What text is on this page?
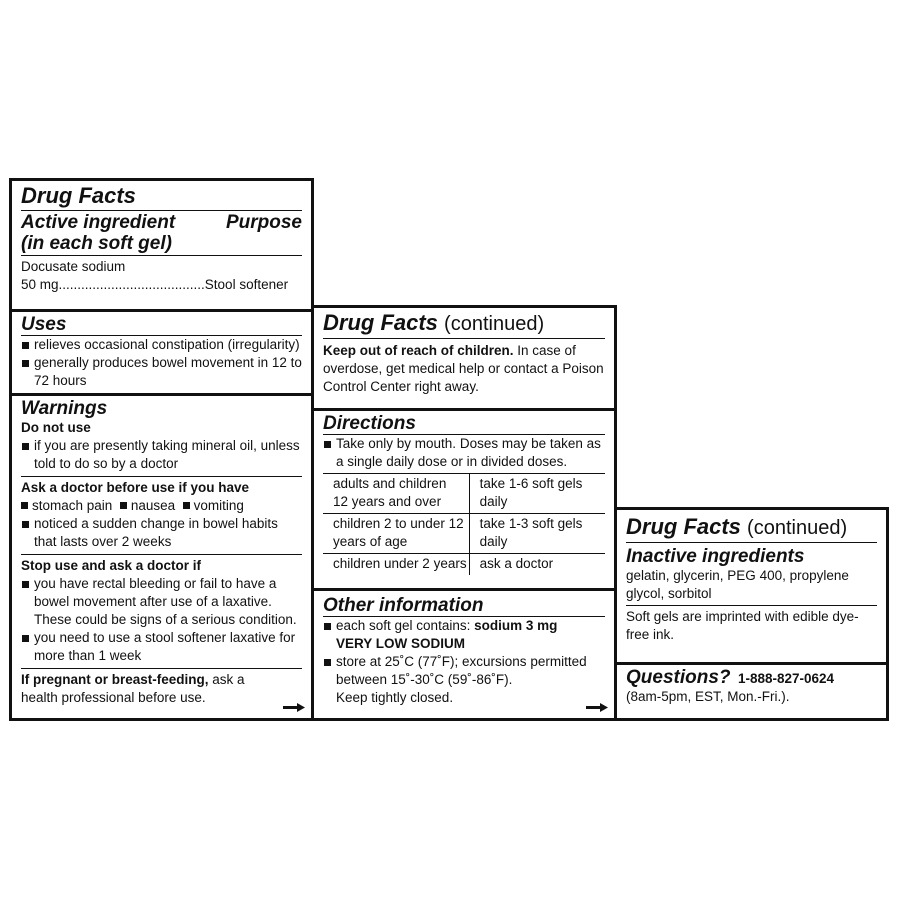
Drug Facts
Active ingredient	Purpose
(in each soft gel)
Docusate sodium
50 mg.......................................Stool softener
Uses
relieves occasional constipation (irregularity)
generally produces bowel movement in 12 to 72 hours
Warnings
Do not use
if you are presently taking mineral oil, unless told to do so by a doctor
Ask a doctor before use if you have
stomach pain nausea vomiting
noticed a sudden change in bowel habits that lasts over 2 weeks
Stop use and ask a doctor if
you have rectal bleeding or fail to have a bowel movement after use of a laxative. These could be signs of a serious condition.
you need to use a stool softener laxative for more than 1 week
If pregnant or breast-feeding, ask a health professional before use.
Drug Facts (continued)
Keep out of reach of children. In case of overdose, get medical help or contact a Poison Control Center right away.
Directions
Take only by mouth. Doses may be taken as a single daily dose or in divided doses.
adults and children 12 years and over	take 1-6 soft gels daily
children 2 to under 12 years of age	take 1-3 soft gels daily
children under 2 years	ask a doctor
Other information
each soft gel contains: sodium 3 mg
VERY LOW SODIUM
store at 25˚C (77˚F); excursions permitted between 15˚-30˚C (59˚-86˚F).
Keep tightly closed.
Drug Facts (continued)
Inactive ingredients
gelatin, glycerin, PEG 400, propylene glycol, sorbitol
Soft gels are imprinted with edible dye-free ink.
Questions? 1-888-827-0624
(8am-5pm, EST, Mon.-Fri.).
